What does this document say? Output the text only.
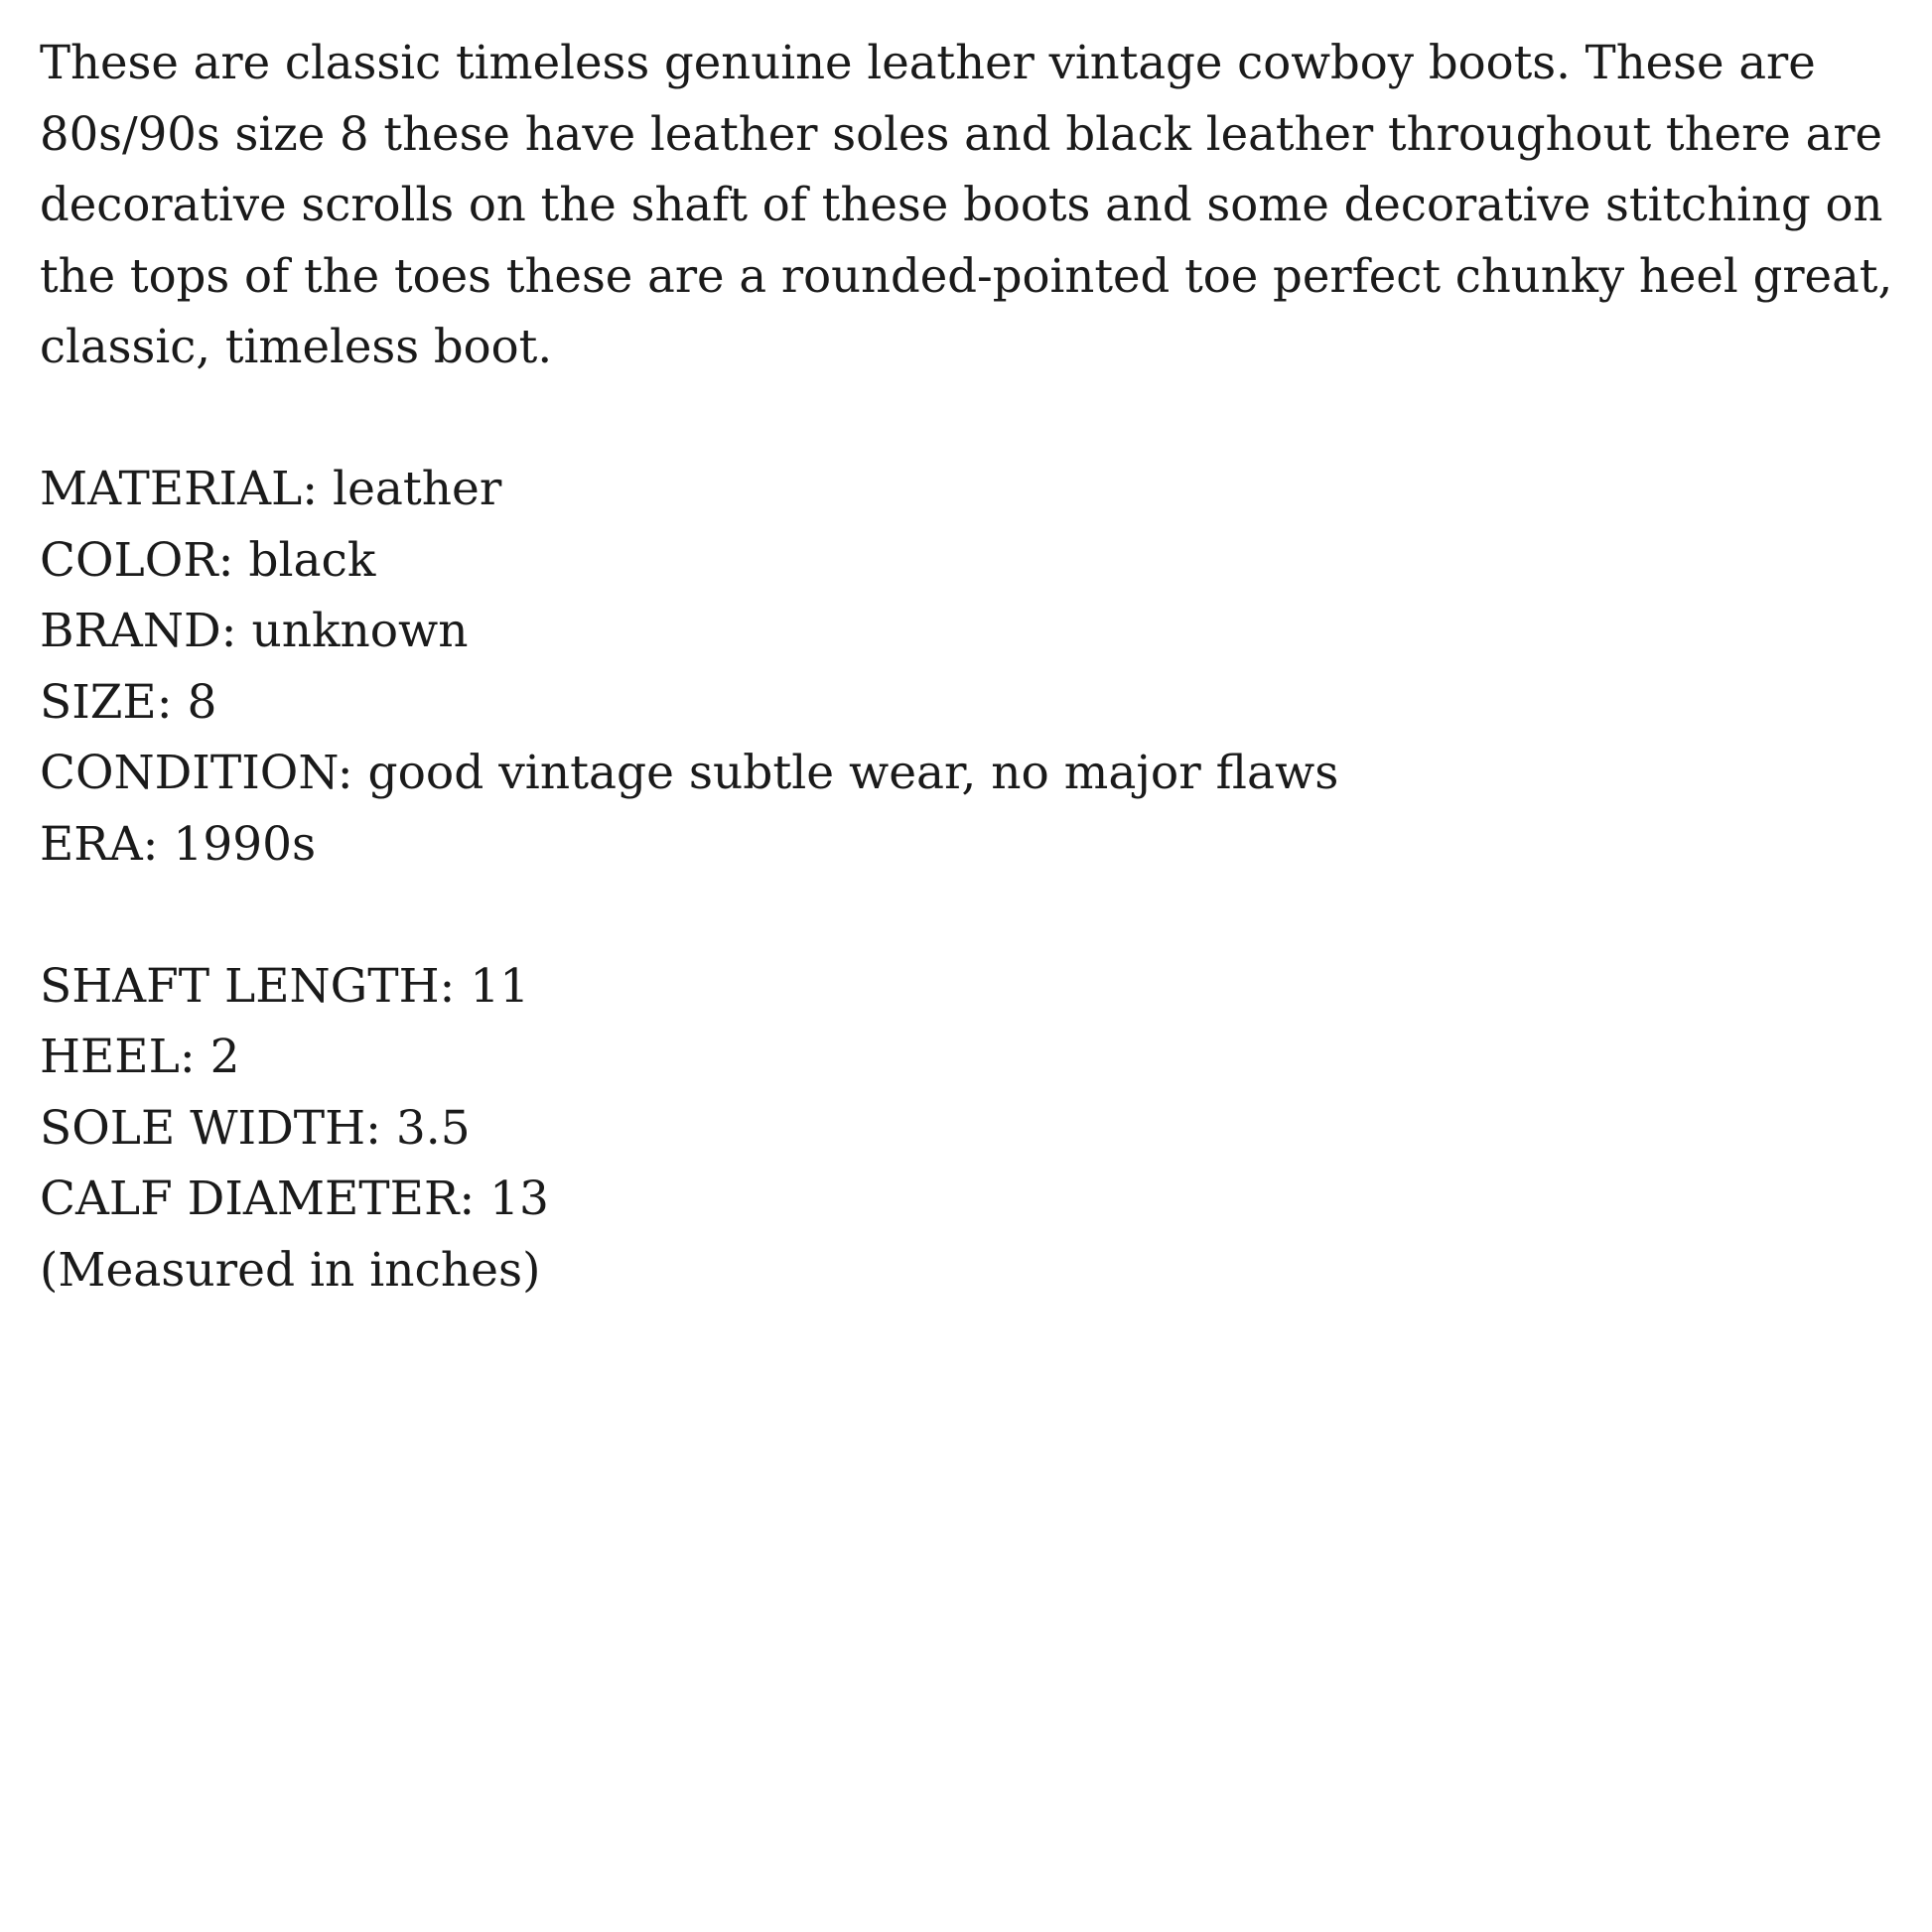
These are classic timeless genuine leather vintage cowboy boots. These are 80s/90s size 8 these have leather soles and black leather throughout there are decorative scrolls on the shaft of these boots and some decorative stitching on the tops of the toes these are a rounded-pointed toe perfect chunky heel great, classic, timeless boot.

MATERIAL: leather
COLOR: black
BRAND: unknown
SIZE: 8
CONDITION: good vintage subtle wear, no major flaws
ERA: 1990s
SHAFT LENGTH: 11
HEEL: 2
SOLE WIDTH: 3.5
CALF DIAMETER: 13
(Measured in inches)
